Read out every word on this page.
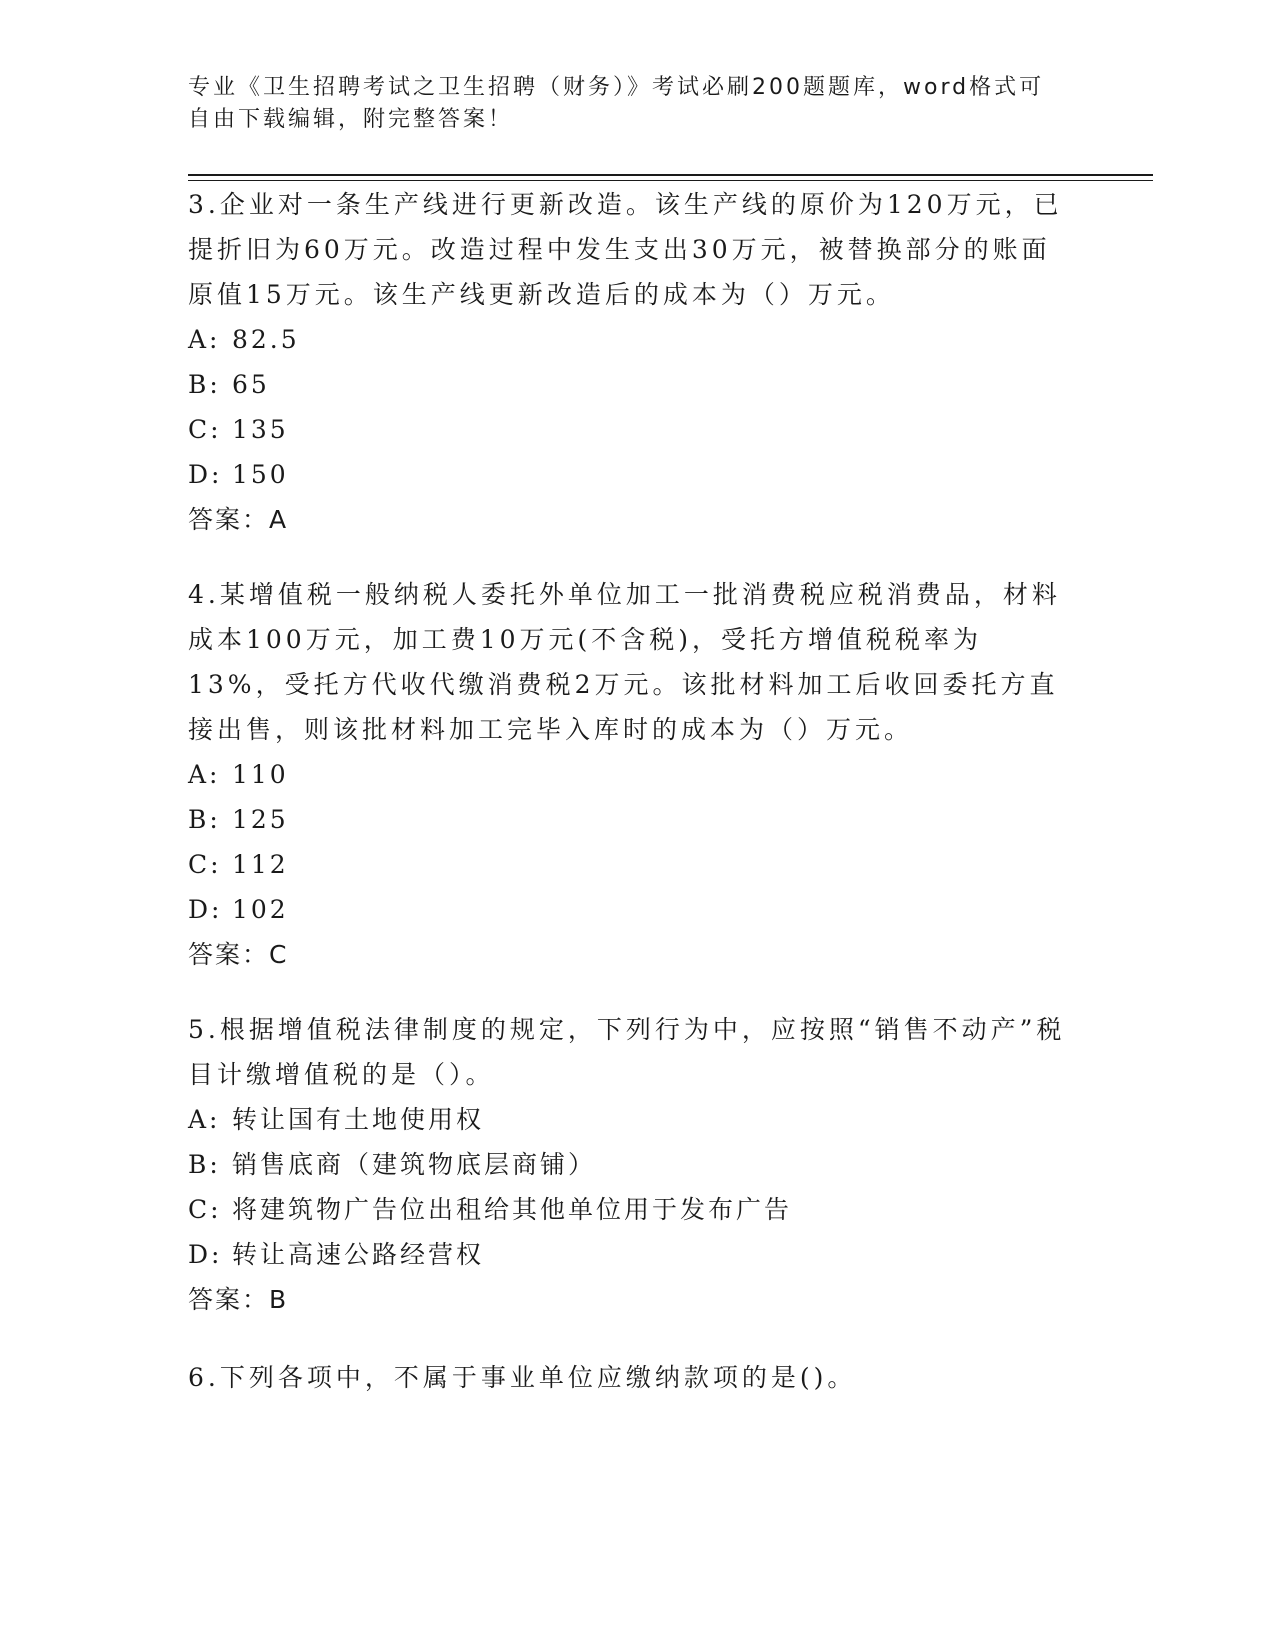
专业《卫生招聘考试之卫生招聘（财务）》考试必刷200题题库，word格式可自由下载编辑，附完整答案！

3.企业对一条生产线进行更新改造。该生产线的原价为120万元，已提折旧为60万元。改造过程中发生支出30万元，被替换部分的账面原值15万元。该生产线更新改造后的成本为（）万元。

A: 82.5

B: 65

C: 135

D: 150

答案：A

4.某增值税一般纳税人委托外单位加工一批消费税应税消费品，材料成本100万元，加工费10万元(不含税)，受托方增值税税率为13%，受托方代收代缴消费税2万元。该批材料加工后收回委托方直接出售，则该批材料加工完毕入库时的成本为（）万元。

A: 110

B: 125

C: 112

D: 102

答案：C

5.根据增值税法律制度的规定，下列行为中，应按照“销售不动产”税目计缴增值税的是（）。

A: 转让国有土地使用权

B: 销售底商（建筑物底层商铺）

C: 将建筑物广告位出租给其他单位用于发布广告

D: 转让高速公路经营权

答案：B

6.下列各项中，不属于事业单位应缴纳款项的是()。
